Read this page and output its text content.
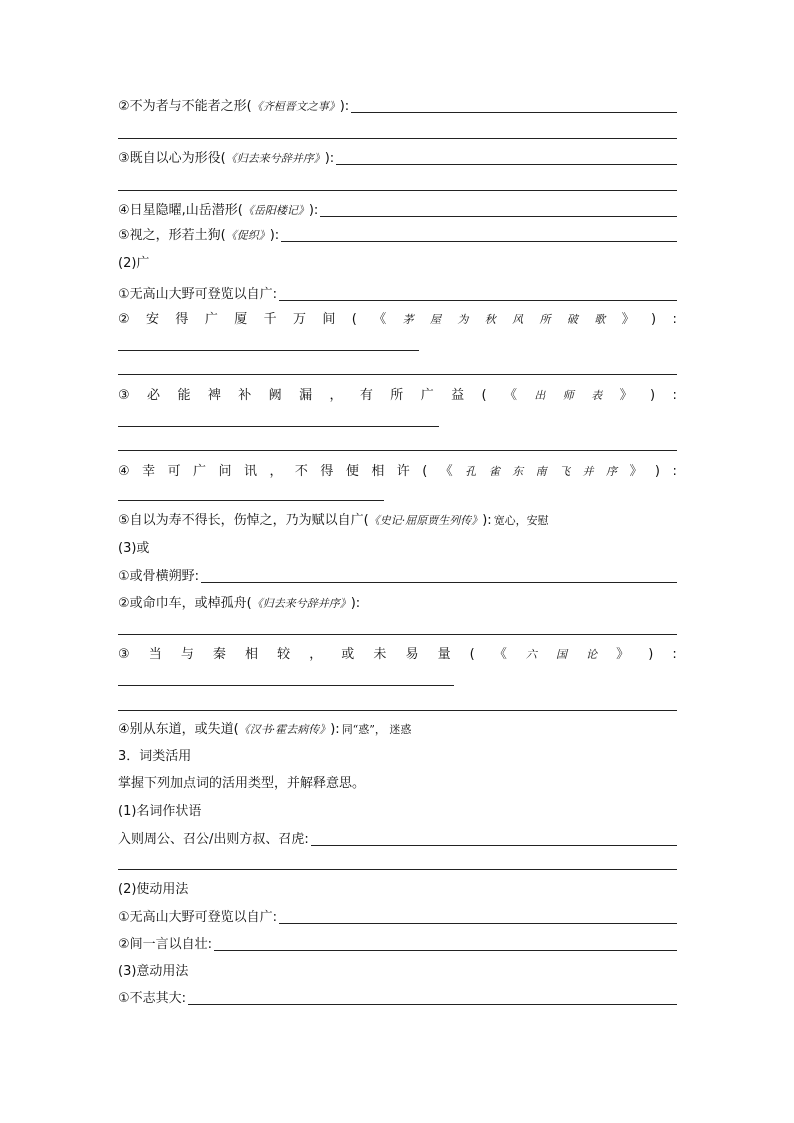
②不为者与不能者之形( 《齐桓晋文之事》 ):
③既自以心为形役( 《归去来兮辞并序》 ):
④日星隐曜,山岳潜形( 《岳阳楼记》 ):
⑤视之，形若土狗( 《促织》 ):
(2)广
①无高山大野可登览以自广:
② 安 得 广 厦 千 万 间 ( 《 茅 屋 为 秋 风 所 破 歌 》 ) :
③ 必 能 裨 补 阙 漏 ， 有 所 广 益 ( 《 出 师 表 》 ) :
④ 幸 可 广 问 讯 ， 不 得 便 相 许 ( 《 孔 雀 东 南 飞 并 序 》 ) :
⑤自以为寿不得长，伤悼之，乃为赋以自广( 《史记·屈原贾生列传》 ): 宽心，安慰
(3)或
①或骨横朔野:
②或命巾车，或棹孤舟( 《归去来兮辞并序》 ):
③ 当 与 秦 相 较 ， 或 未 易 量 ( 《 六 国 论 》 ) :
④别从东道，或失道( 《汉书·霍去病传》 ): 同“惑”， 迷惑
3．词类活用
掌握下列加点词的活用类型，并解释意思。
(1)名词作状语
入则周公、召公/出则方叔、召虎:
(2)使动用法
①无高山大野可登览以自广:
②间一言以自壮:
(3)意动用法
①不志其大:
